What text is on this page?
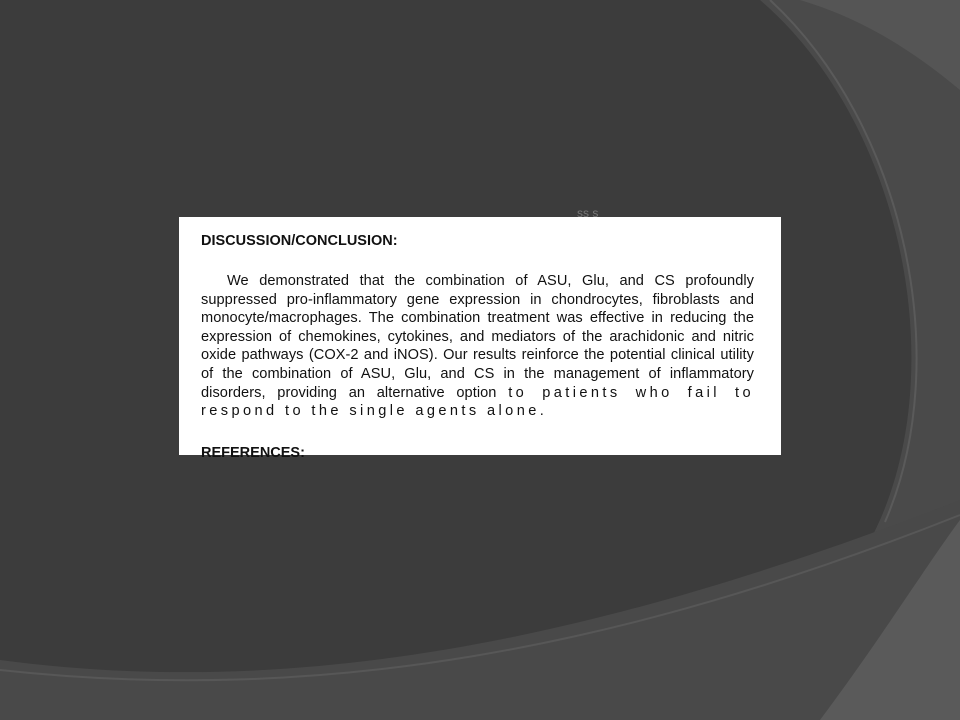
ss s
DISCUSSION/CONCLUSION:

We demonstrated that the combination of ASU, Glu, and CS profoundly suppressed pro-inflammatory gene expression in chondrocytes, fibroblasts and monocyte/macrophages. The combination treatment was effective in reducing the expression of chemokines, cytokines, and mediators of the arachidonic and nitric oxide pathways (COX-2 and iNOS). Our results reinforce the potential clinical utility of the combination of ASU, Glu, and CS in the management of inflammatory disorders, providing an alternative option to patients who fail to respond to the single agents alone.

REFERENCES:
